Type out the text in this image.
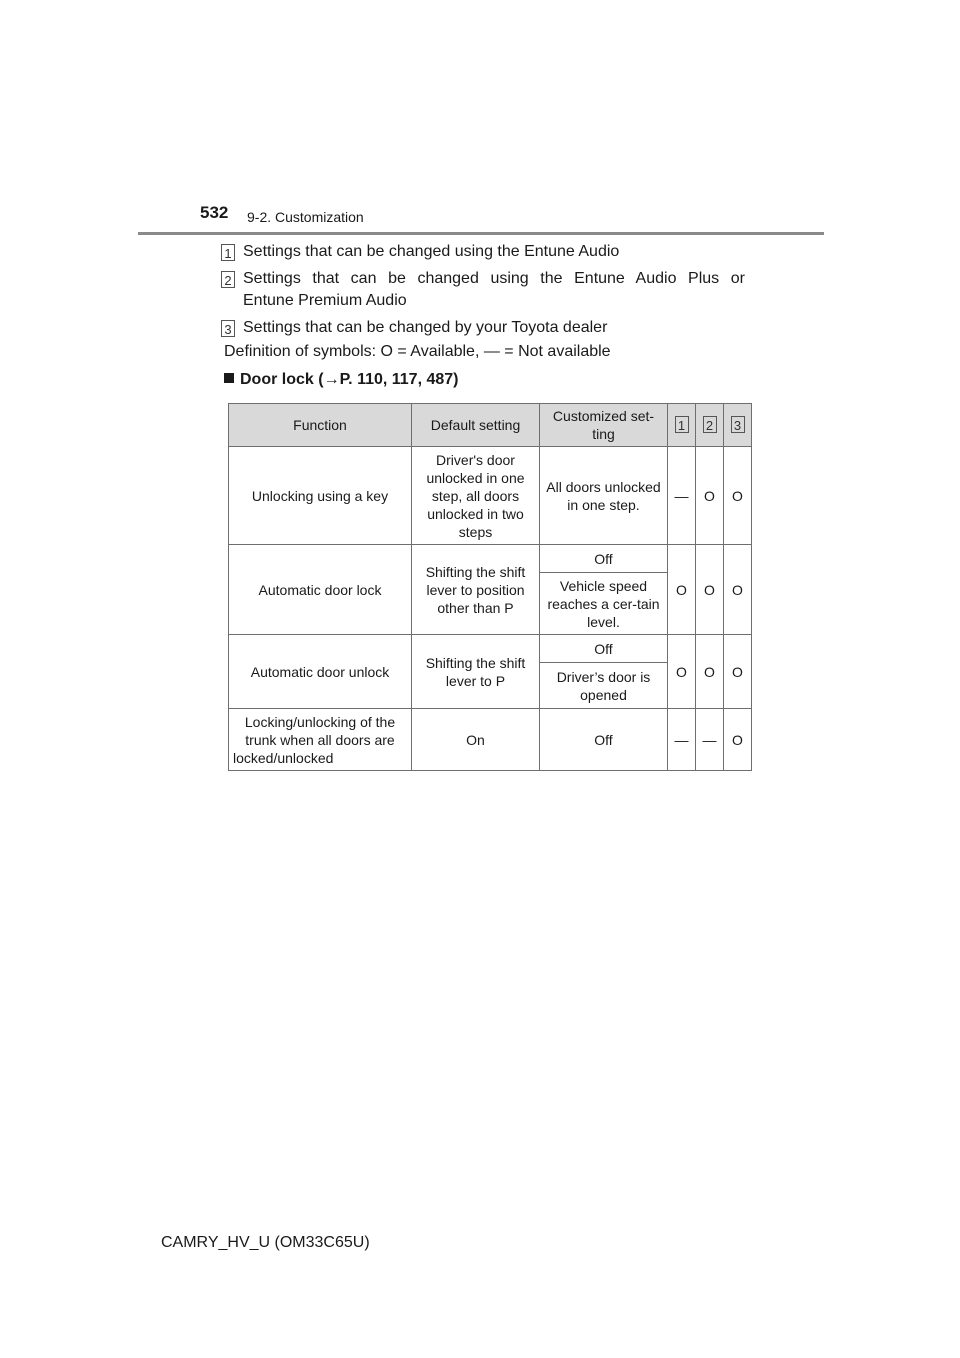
532 9-2. Customization
1 Settings that can be changed using the Entune Audio
2 Settings that can be changed using the Entune Audio Plus or
Entune Premium Audio
3 Settings that can be changed by your Toyota dealer
Definition of symbols: O = Available, — = Not available
Door lock (→P. 110, 117, 487)
Function	Default setting	Customized set-ting	1	2	3
Unlocking using a key	Driver's door unlocked in one step, all doors unlocked in two steps	All doors unlocked in one step.	—	O	O
Automatic door lock	Shifting the shift lever to position other than P	Off	O	O	O
		Vehicle speed reaches a cer-tain level.			
Automatic door unlock	Shifting the shift lever to P	Off	O	O	O
		Driver’s door is opened			
Locking/unlocking of the trunk when all doors are locked/unlocked	On	Off	—	—	O
CAMRY_HV_U (OM33C65U)
